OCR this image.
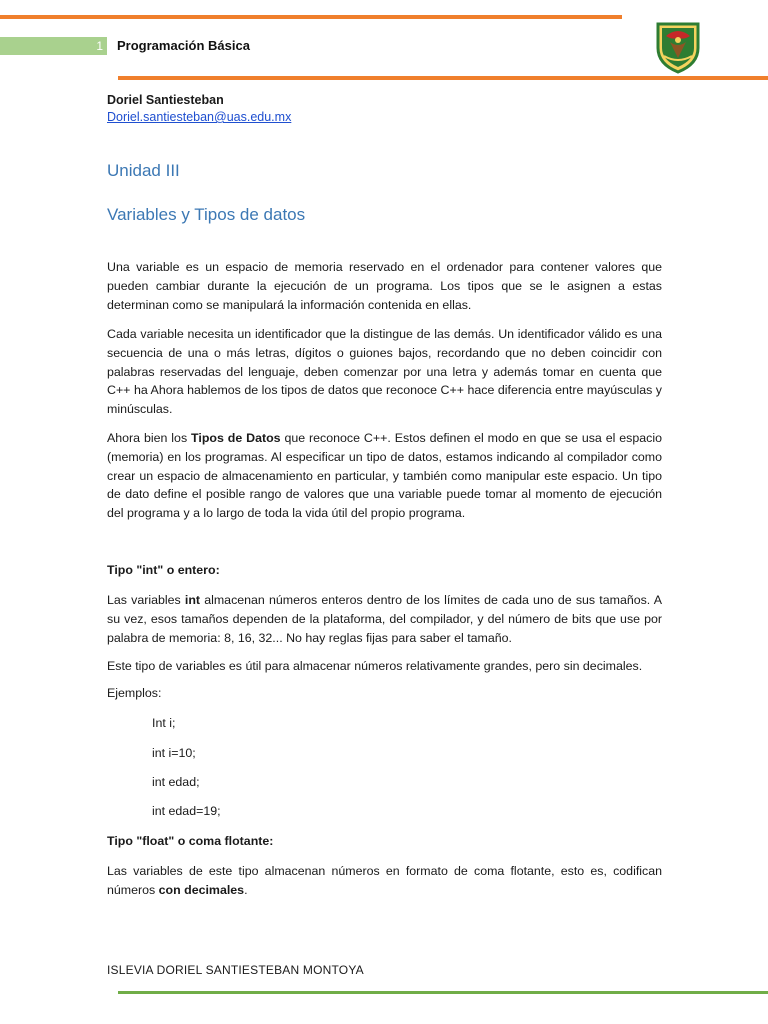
1	Programación Básica
Doriel Santiesteban
Doriel.santiesteban@uas.edu.mx
Unidad III
Variables y Tipos de datos
Una variable es un espacio de memoria reservado en el ordenador para contener valores que pueden cambiar durante la ejecución de un programa. Los tipos que se le asignen a estas determinan como se manipulará la información contenida en ellas.
Cada variable necesita un identificador que la distingue de las demás. Un identificador válido es una secuencia de una o más letras, dígitos o guiones bajos, recordando que no deben coincidir con palabras reservadas del lenguaje, deben comenzar por una letra y además tomar en cuenta que C++ ha Ahora hablemos de los tipos de datos que reconoce C++ hace diferencia entre mayúsculas y minúsculas.
Ahora bien los Tipos de Datos que reconoce C++. Estos definen el modo en que se usa el espacio (memoria) en los programas. Al especificar un tipo de datos, estamos indicando al compilador como crear un espacio de almacenamiento en particular, y también como manipular este espacio. Un tipo de dato define el posible rango de valores que una variable puede tomar al momento de ejecución del programa y a lo largo de toda la vida útil del propio programa.
Tipo "int" o entero:
Las variables int almacenan números enteros dentro de los límites de cada uno de sus tamaños. A su vez, esos tamaños dependen de la plataforma, del compilador, y del número de bits que use por palabra de memoria: 8, 16, 32... No hay reglas fijas para saber el tamaño.
Este tipo de variables es útil para almacenar números relativamente grandes, pero sin decimales.
Ejemplos:
Int i;
int i=10;
int edad;
int edad=19;
Tipo "float" o coma flotante:
Las variables de este tipo almacenan números en formato de coma flotante, esto es, codifican números con decimales.
ISLEVIA DORIEL SANTIESTEBAN MONTOYA
